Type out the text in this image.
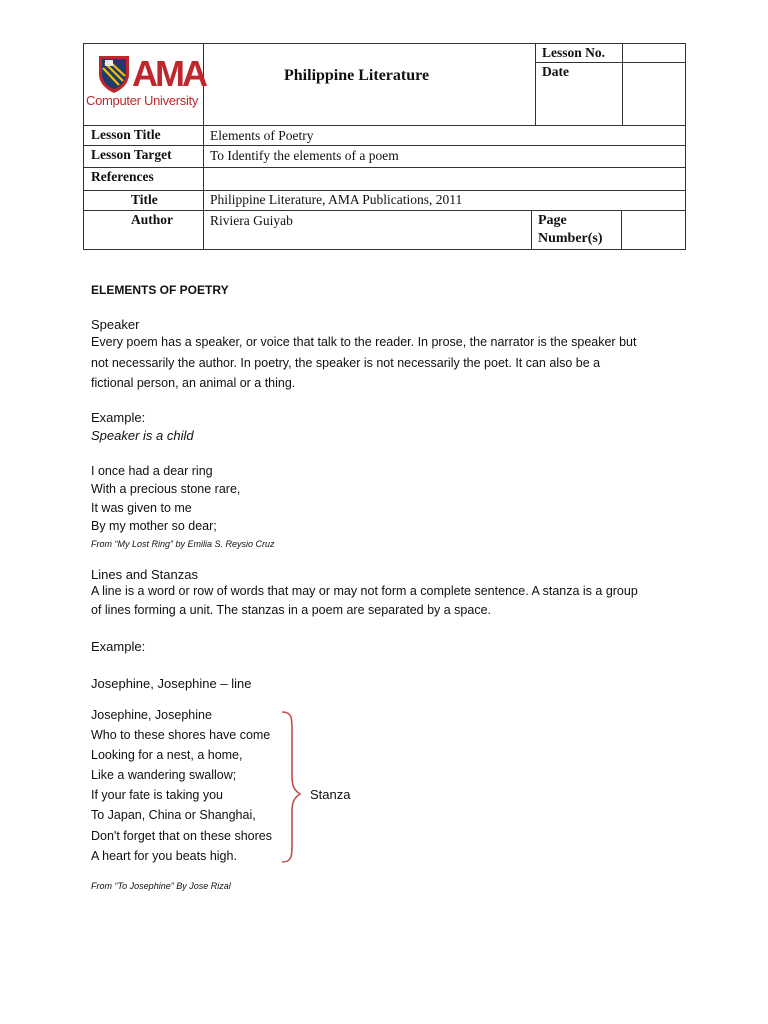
AMA
Computer University
Philippine Literature
Lesson No.
Date
Lesson Title	Elements of Poetry
Lesson Target	To Identify the elements of a poem
References
Title	Philippine Literature, AMA Publications, 2011
Author	Riviera Guiyab	Page
Number(s)
ELEMENTS OF POETRY
Speaker
Every poem has a speaker, or voice that talk to the reader. In prose, the narrator is the speaker but
not necessarily the author. In poetry, the speaker is not necessarily the poet. It can also be a
fictional person, an animal or a thing.
Example:
Speaker is a child
I once had a dear ring
With a precious stone rare,
It was given to me
By my mother so dear;
From “My Lost Ring” by Emilia S. Reysio Cruz
Lines and Stanzas
A line is a word or row of words that may or may not form a complete sentence. A stanza is a group
of lines forming a unit. The stanzas in a poem are separated by a space.
Example:
Josephine, Josephine – line
Josephine, Josephine
Who to these shores have come
Looking for a nest, a home,
Like a wandering swallow;
If your fate is taking you
To Japan, China or Shanghai,
Don't forget that on these shores
A heart for you beats high.
Stanza
From “To Josephine” By Jose Rizal
